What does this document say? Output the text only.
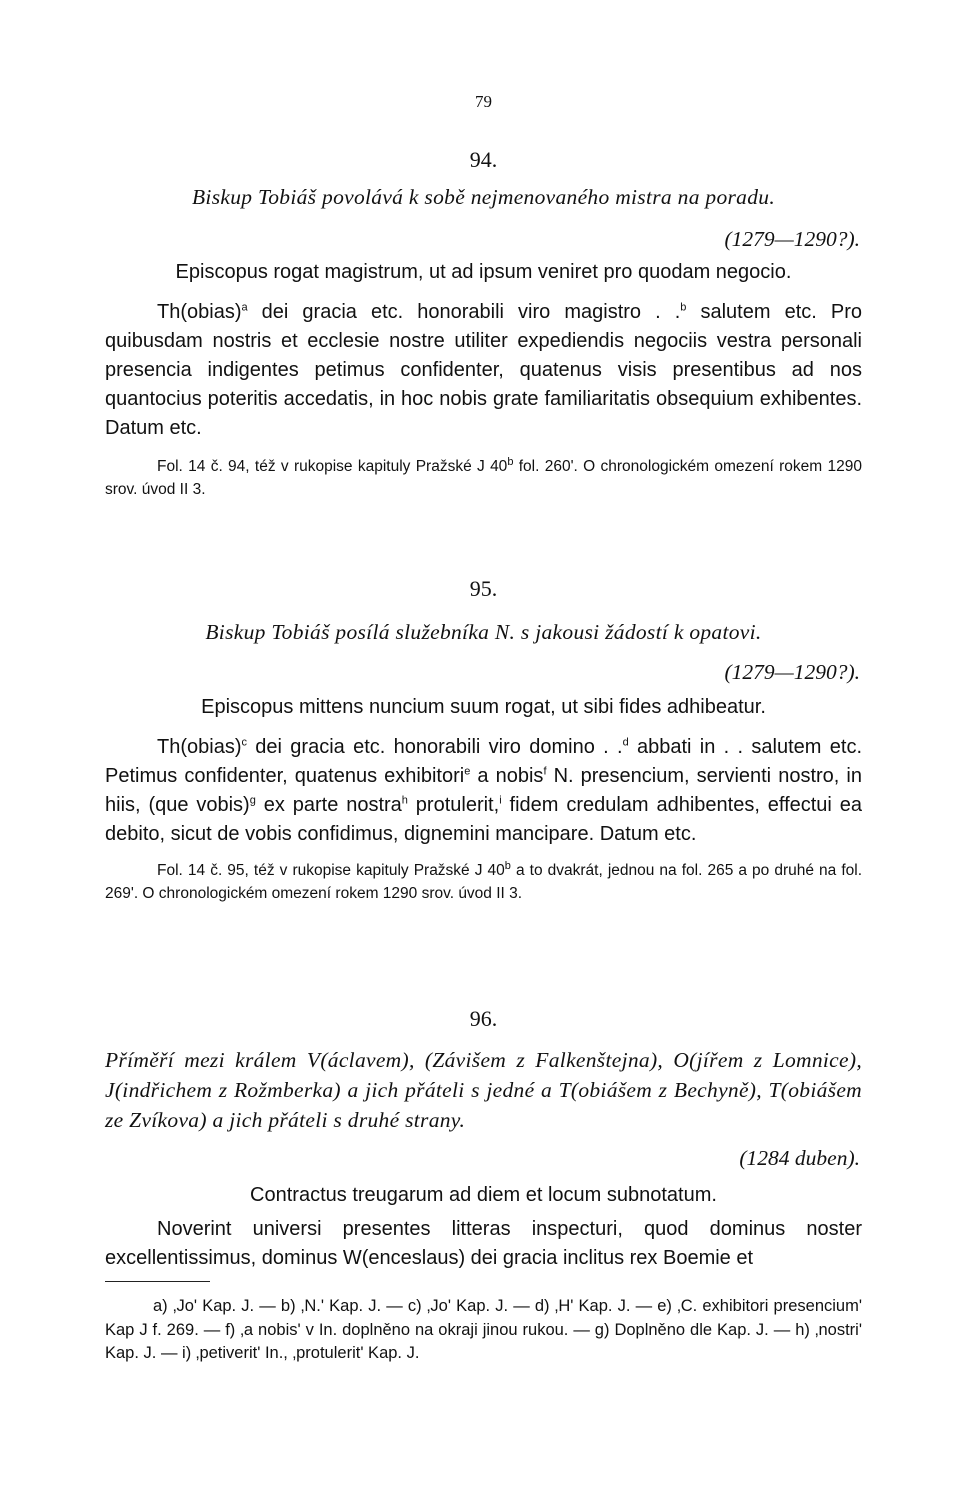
79
94.
Biskup Tobiáš povolává k sobě nejmenovaného mistra na poradu.
(1279—1290?).
Episcopus rogat magistrum, ut ad ipsum veniret pro quodam negocio.
Th(obias)$^a$ dei gracia etc. honorabili viro magistro . .$^b$ salutem etc. Pro quibusdam nostris et ecclesie nostre utiliter expediendis negociis vestra personali presencia indigentes petimus confidenter, quatenus visis presentibus ad nos quantocius poteritis accedatis, in hoc nobis grate familiaritatis obsequium exhibentes. Datum etc.
Fol. 14 č. 94, též v rukopise kapituly Pražské J 40$^b$ fol. 260'. O chronologickém omezení rokem 1290 srov. úvod II 3.
95.
Biskup Tobiáš posílá služebníka N. s jakousi žádostí k opatovi.
(1279—1290?).
Episcopus mittens nuncium suum rogat, ut sibi fides adhibeatur.
Th(obias)$^c$ dei gracia etc. honorabili viro domino . .$^d$ abbati in . . salutem etc. Petimus confidenter, quatenus exhibitori$^e$ a nobis$^f$ N. presencium, servienti nostro, in hiis, (que vobis)$^g$ ex parte nostra$^h$ protulerit,$^i$ fidem credulam adhibentes, effectui ea debito, sicut de vobis confidimus, dignemini mancipare. Datum etc.
Fol. 14 č. 95, též v rukopise kapituly Pražské J 40$^b$ a to dvakrát, jednou na fol. 265 a po druhé na fol. 269'. O chronologickém omezení rokem 1290 srov. úvod II 3.
96.
Příměří mezi králem V(áclavem), (Závišem z Falkenštejna), O(jířem z Lomnice), J(indřichem z Rožmberka) a jich přáteli s jedné a T(obiášem z Bechyně), T(obiášem ze Zvíkova) a jich přáteli s druhé strany.
(1284 duben).
Contractus treugarum ad diem et locum subnotatum.
Noverint universi presentes litteras inspecturi, quod dominus noster excellentissimus, dominus W(enceslaus) dei gracia inclitus rex Boemie et
a) ‚Jo' Kap. J. — b) ‚N.' Kap. J. — c) ‚Jo' Kap. J. — d) ‚H' Kap. J. — e) ‚C. exhibitori presencium' Kap J f. 269. — f) ‚a nobis' v In. doplněno na okraji jinou rukou. — g) Doplněno dle Kap. J. — h) ‚nostri' Kap. J. — i) ‚petiverit' In., ‚protulerit' Kap. J.
